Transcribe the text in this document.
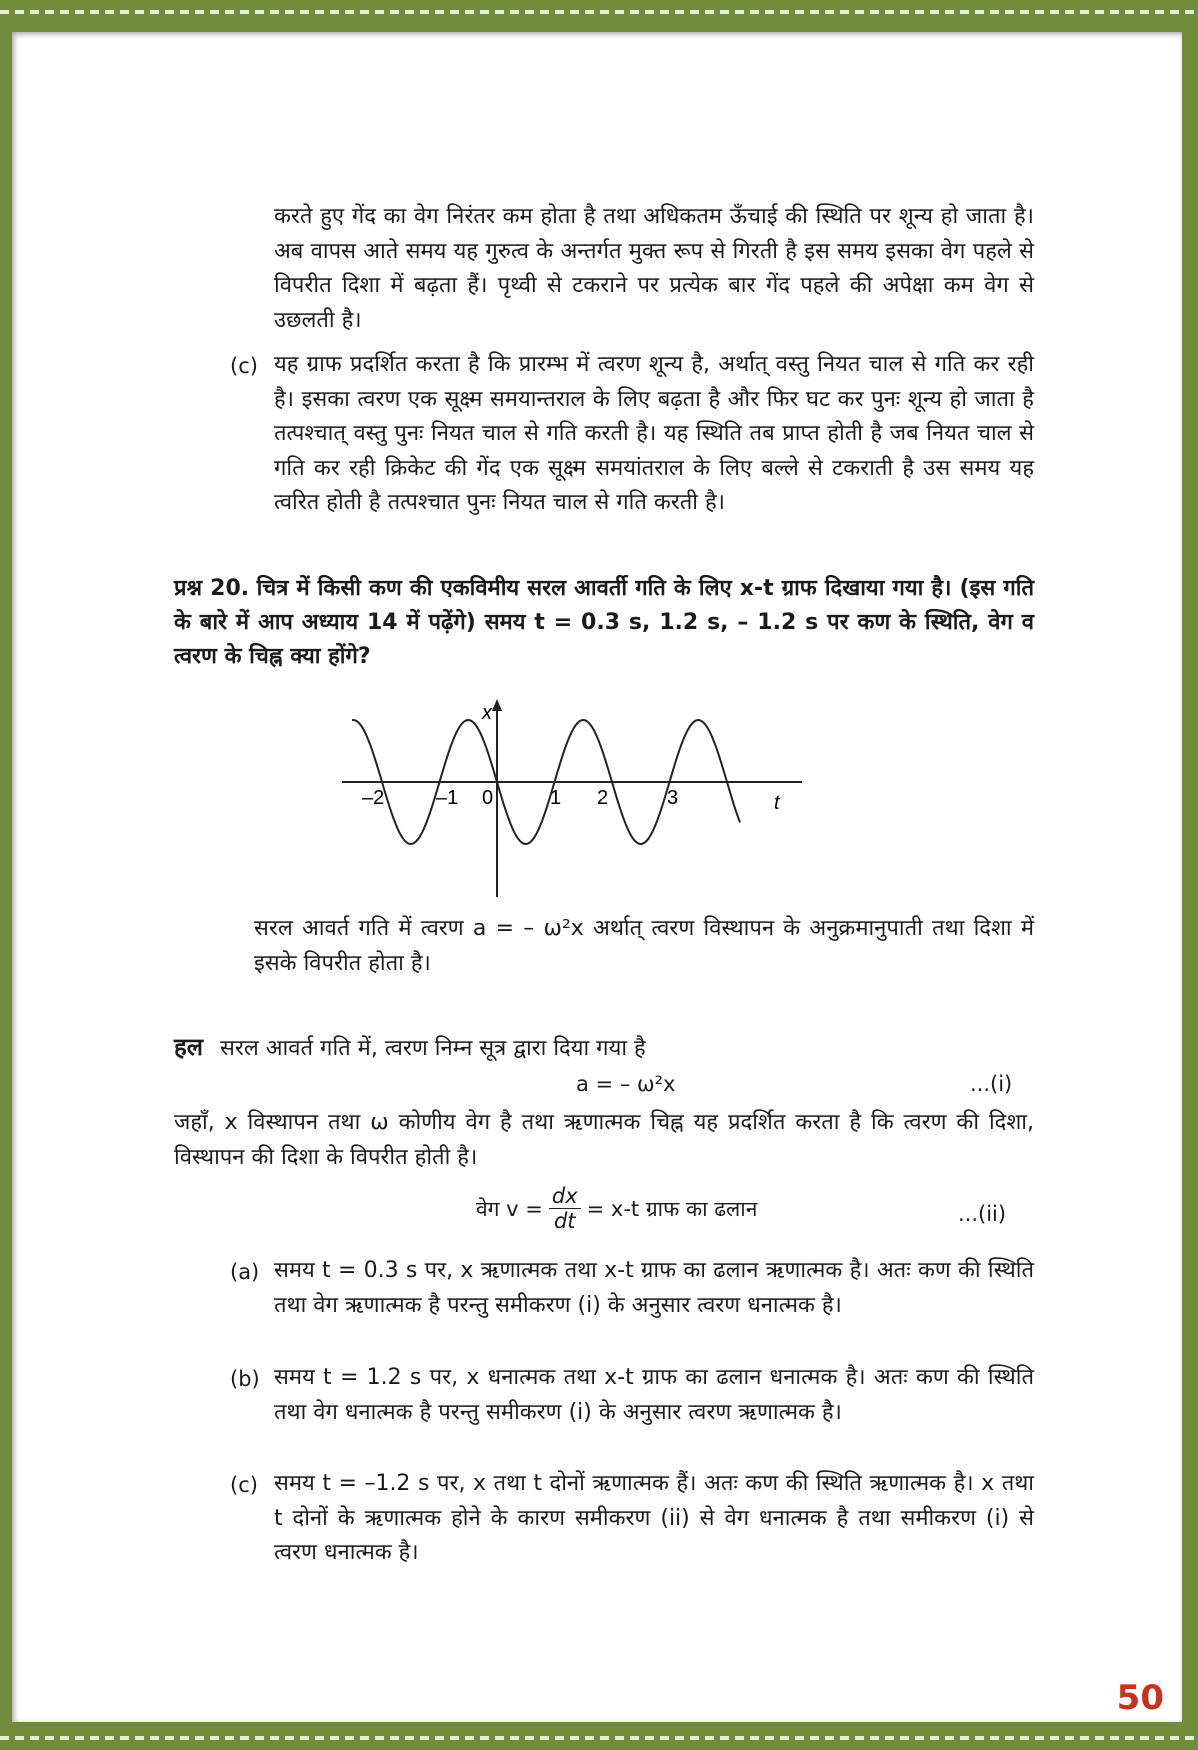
करते हुए गेंद का वेग निरंतर कम होता है तथा अधिकतम ऊँचाई की स्थिति पर शून्य हो जाता है। अब वापस आते समय यह गुरुत्व के अन्तर्गत मुक्त रूप से गिरती है इस समय इसका वेग पहले से विपरीत दिशा में बढ़ता हैं। पृथ्वी से टकराने पर प्रत्येक बार गेंद पहले की अपेक्षा कम वेग से उछलती है।
(c) यह ग्राफ प्रदर्शित करता है कि प्रारम्भ में त्वरण शून्य है, अर्थात् वस्तु नियत चाल से गति कर रही है। इसका त्वरण एक सूक्ष्म समयान्तराल के लिए बढ़ता है और फिर घट कर पुनः शून्य हो जाता है तत्पश्चात् वस्तु पुनः नियत चाल से गति करती है। यह स्थिति तब प्राप्त होती है जब नियत चाल से गति कर रही क्रिकेट की गेंद एक सूक्ष्म समयांतराल के लिए बल्ले से टकराती है उस समय यह त्वरित होती है तत्पश्चात पुनः नियत चाल से गति करती है।
प्रश्न 20. चित्र में किसी कण की एकविमीय सरल आवर्ती गति के लिए x-t ग्राफ दिखाया गया है। (इस गति के बारे में आप अध्याय 14 में पढ़ेंगे) समय t = 0.3 s, 1.2 s, – 1.2 s पर कण के स्थिति, वेग व त्वरण के चिह्न क्या होंगे?
x
t
–2	–1 0	1 2	3
सरल आवर्त गति में त्वरण a = – ω²x अर्थात् त्वरण विस्थापन के अनुक्रमानुपाती तथा दिशा में इसके विपरीत होता है।
हल सरल आवर्त गति में, त्वरण निम्न सूत्र द्वारा दिया गया है
a = – ω²x	...(i)
जहाँ, x विस्थापन तथा ω कोणीय वेग है तथा ऋणात्मक चिह्न यह प्रदर्शित करता है कि त्वरण की दिशा, विस्थापन की दिशा के विपरीत होती है।
वेग $v = \frac{dx}{dt} = x-t$ ग्राफ का ढलान	...(ii)
(a) समय t = 0.3 s पर, x ऋणात्मक तथा x-t ग्राफ का ढलान ऋणात्मक है। अतः कण की स्थिति तथा वेग ऋणात्मक है परन्तु समीकरण (i) के अनुसार त्वरण धनात्मक है।
(b) समय t = 1.2 s पर, x धनात्मक तथा x-t ग्राफ का ढलान धनात्मक है। अतः कण की स्थिति तथा वेग धनात्मक है परन्तु समीकरण (i) के अनुसार त्वरण ऋणात्मक है।
(c) समय t = –1.2 s पर, x तथा t दोनों ऋणात्मक हैं। अतः कण की स्थिति ऋणात्मक है। x तथा t दोनों के ऋणात्मक होने के कारण समीकरण (ii) से वेग धनात्मक है तथा समीकरण (i) से त्वरण धनात्मक है।
50
